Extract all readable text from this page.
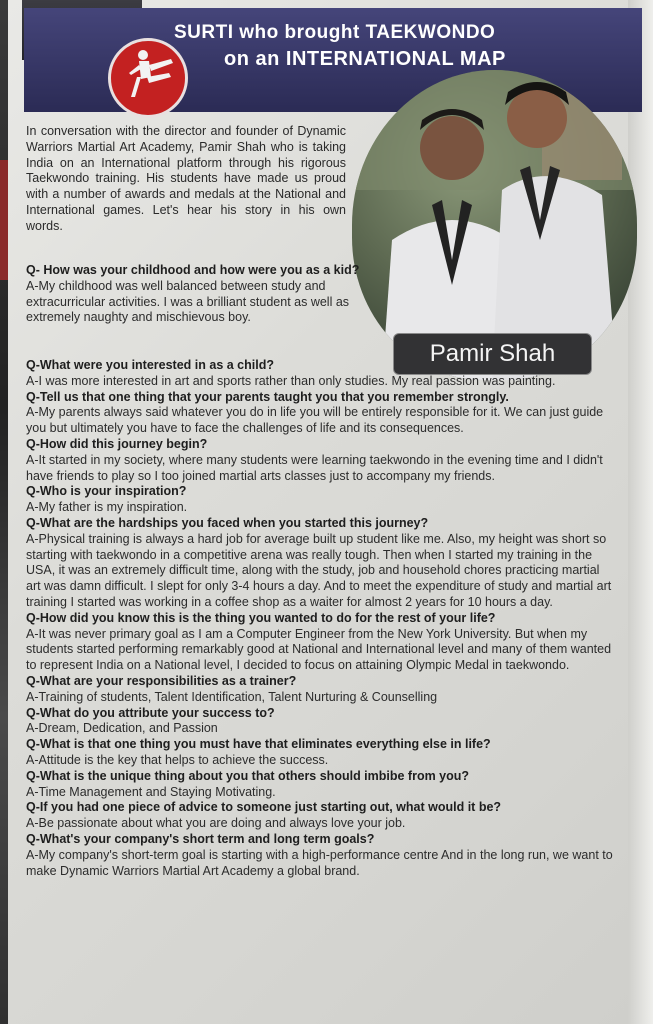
SURTI who brought TAEKWONDO
on an INTERNATIONAL MAP
Pamir Shah
In conversation with the director and founder of Dynamic Warriors Martial Art Academy, Pamir Shah who is taking India on an International platform through his rigorous Taekwondo training. His students have made us proud with a number of awards and medals at the National and International games. Let's hear his story in his own words.
Q- How was your childhood and how were you as a kid?
A-My childhood was well balanced between study and extracurricular activities. I was a brilliant student as well as extremely naughty and mischievous boy.
Q-What were you interested in as a child?
A-I was more interested in art and sports rather than only studies. My real passion was painting.
Q-Tell us that one thing that your parents taught you that you remember strongly.
A-My parents always said whatever you do in life you will be entirely responsible for it. We can just guide you but ultimately you have to face the challenges of life and its consequences.
Q-How did this journey begin?
A-It started in my society, where many students were learning taekwondo in the evening time and I didn't have friends to play so I too joined martial arts classes just to accompany my friends.
Q-Who is your inspiration?
A-My father is my inspiration.
Q-What are the hardships you faced when you started this journey?
A-Physical training is always a hard job for average built up student like me. Also, my height was short so starting with taekwondo in a competitive arena was really tough. Then when I started my training in the USA, it was an extremely difficult time, along with the study, job and household chores practicing martial art was damn difficult. I slept for only 3-4 hours a day. And to meet the expenditure of study and martial art training I started was working in a coffee shop as a waiter for almost 2 years for 10 hours a day.
Q-How did you know this is the thing you wanted to do for the rest of your life?
A-It was never primary goal as I am a Computer Engineer from the New York University. But when my students started performing remarkably good at National and International level and many of them wanted to represent India on a National level, I decided to focus on attaining Olympic Medal in taekwondo.
Q-What are your responsibilities as a trainer?
A-Training of students, Talent Identification, Talent Nurturing & Counselling
Q-What do you attribute your success to?
A-Dream, Dedication, and Passion
Q-What is that one thing you must have that eliminates everything else in life?
A-Attitude is the key that helps to achieve the success.
Q-What is the unique thing about you that others should imbibe from you?
A-Time Management and Staying Motivating.
Q-If you had one piece of advice to someone just starting out, what would it be?
A-Be passionate about what you are doing and always love your job.
Q-What's your company's short term and long term goals?
A-My company's short-term goal is starting with a high-performance centre And in the long run, we want to make Dynamic Warriors Martial Art Academy a global brand.
